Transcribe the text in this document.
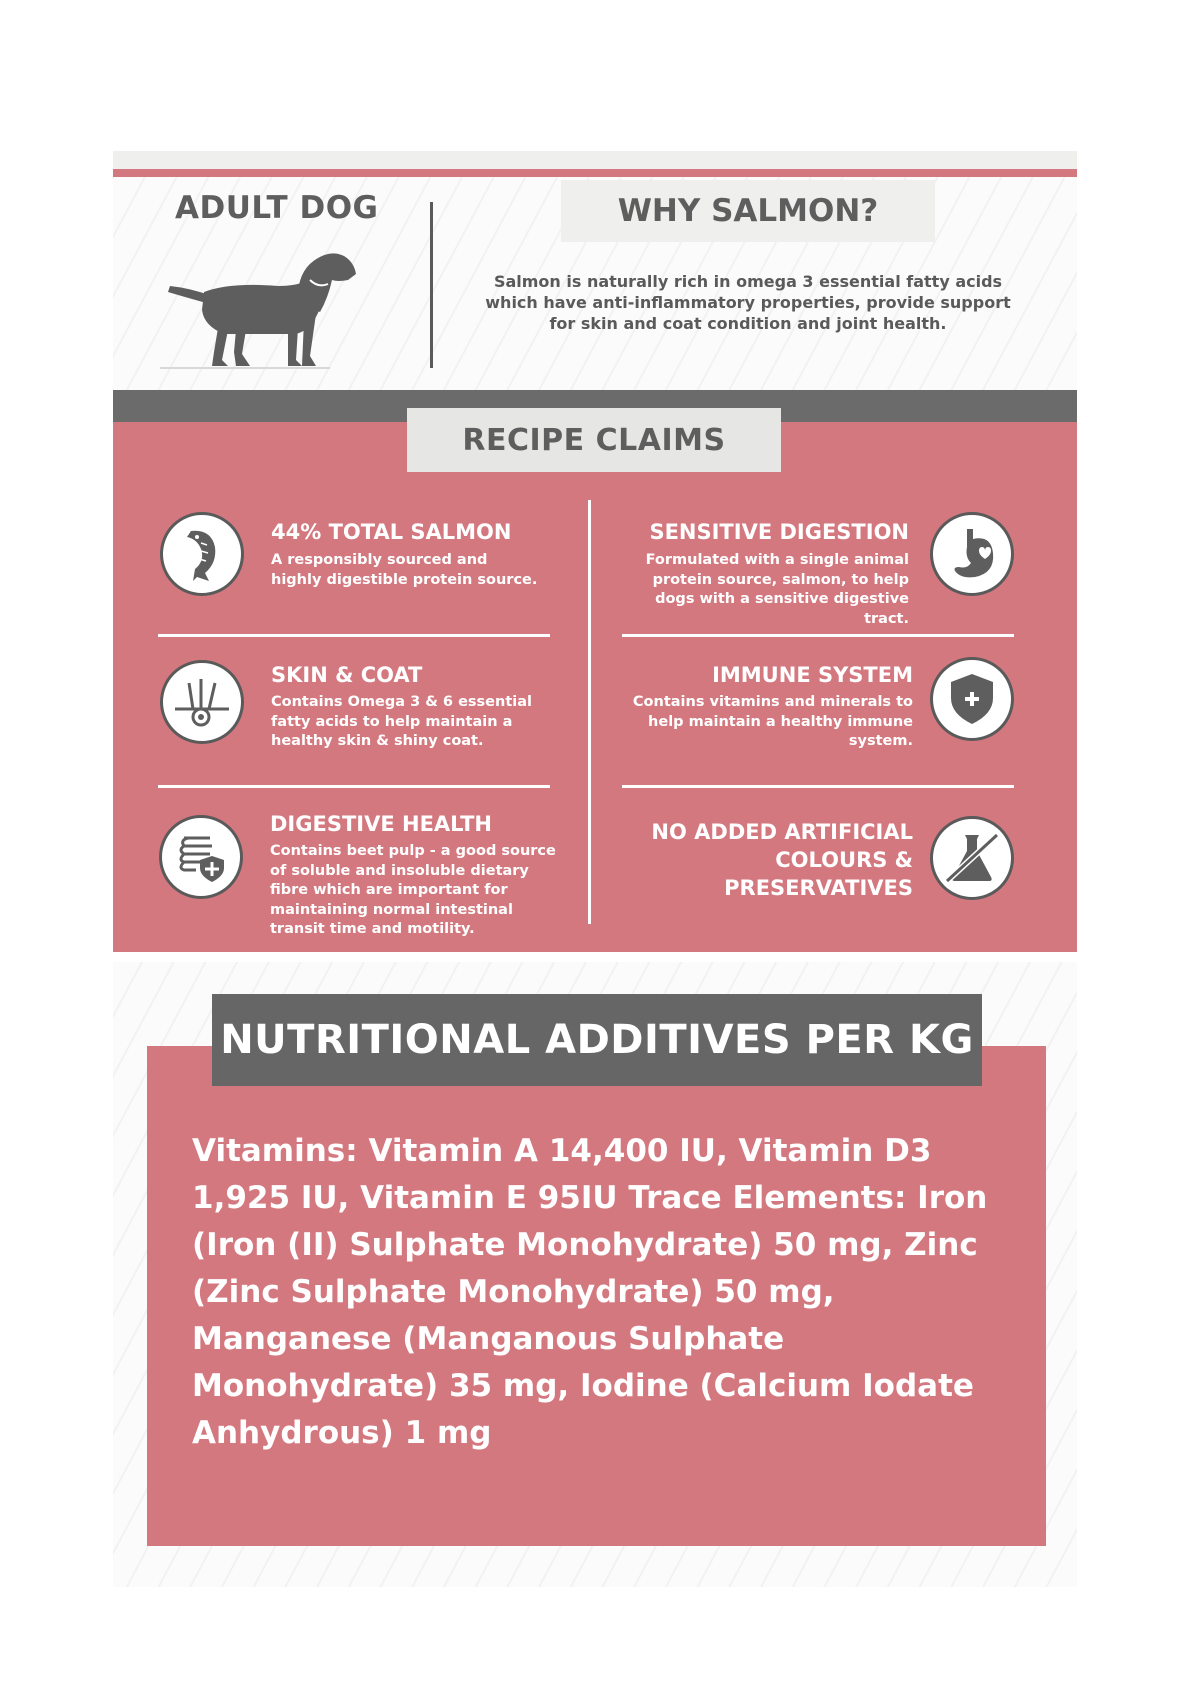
ADULT DOG	WHY SALMON?

Salmon is naturally rich in omega 3 essential fatty acids which have anti-inflammatory properties, provide support for skin and coat condition and joint health.

RECIPE CLAIMS

44% TOTAL SALMON

A responsibly sourced and highly digestible protein source.

SENSITIVE DIGESTION

Formulated with a single animal protein source, salmon, to help dogs with a sensitive digestive tract.

SKIN & COAT

Contains Omega 3 & 6 essential fatty acids to help maintain a healthy skin & shiny coat.

IMMUNE SYSTEM

Contains vitamins and minerals to help maintain a healthy immune system.

DIGESTIVE HEALTH

Contains beet pulp - a good source of soluble and insoluble dietary fibre which are important for maintaining normal intestinal transit time and motility.

NO ADDED ARTIFICIAL COLOURS & PRESERVATIVES

NUTRITIONAL ADDITIVES PER KG

Vitamins: Vitamin A 14,400 IU, Vitamin D3 1,925 IU, Vitamin E 95IU Trace Elements: Iron (Iron (II) Sulphate Monohydrate) 50 mg, Zinc (Zinc Sulphate Monohydrate) 50 mg, Manganese (Manganous Sulphate Monohydrate) 35 mg, Iodine (Calcium Iodate Anhydrous) 1 mg
